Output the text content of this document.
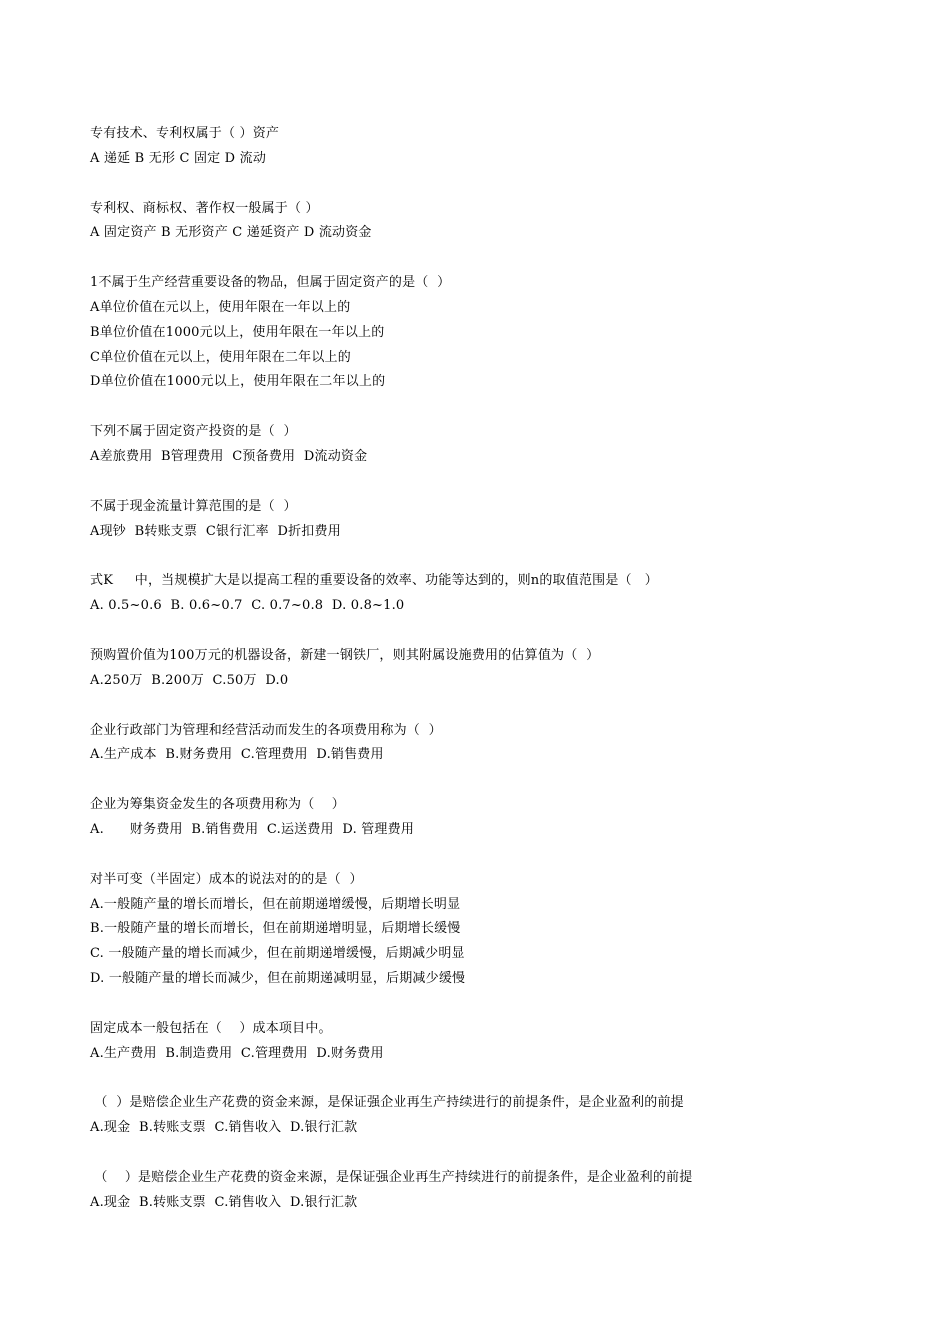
专有技术、专利权属于（ ）资产
A 递延 B 无形 C 固定 D 流动
专利权、商标权、著作权一般属于（ ）
A 固定资产 B 无形资产 C 递延资产 D 流动资金
1不属于生产经营重要设备的物品，但属于固定资产的是（  ）
A单位价值在元以上，使用年限在一年以上的
B单位价值在1000元以上，使用年限在一年以上的
C单位价值在元以上，使用年限在二年以上的
D单位价值在1000元以上，使用年限在二年以上的
下列不属于固定资产投资的是（  ）
A差旅费用  B管理费用  C预备费用  D流动资金
不属于现金流量计算范围的是（  ）
A现钞  B转账支票  C银行汇率  D折扣费用
式K     中，当规模扩大是以提高工程的重要设备的效率、功能等达到的，则n的取值范围是（   ）
A. 0.5~0.6  B. 0.6~0.7  C. 0.7~0.8  D. 0.8~1.0
预购置价值为100万元的机器设备，新建一钢铁厂，则其附属设施费用的估算值为（  ）
A.250万  B.200万  C.50万  D.0
企业行政部门为管理和经营活动而发生的各项费用称为（  ）
A.生产成本  B.财务费用  C.管理费用  D.销售费用
企业为筹集资金发生的各项费用称为（    ）
A.      财务费用  B.销售费用  C.运送费用  D. 管理费用
对半可变（半固定）成本的说法对的的是（  ）
A.一般随产量的增长而增长，但在前期递增缓慢，后期增长明显
B.一般随产量的增长而增长，但在前期递增明显，后期增长缓慢
C. 一般随产量的增长而减少，但在前期递增缓慢，后期减少明显
D. 一般随产量的增长而减少，但在前期递减明显，后期减少缓慢
固定成本一般包括在（    ）成本项目中。
A.生产费用  B.制造费用  C.管理费用  D.财务费用
（  ）是赔偿企业生产花费的资金来源，是保证强企业再生产持续进行的前提条件，是企业盈利的前提
A.现金  B.转账支票  C.销售收入  D.银行汇款
（    ）是赔偿企业生产花费的资金来源，是保证强企业再生产持续进行的前提条件，是企业盈利的前提
A.现金  B.转账支票  C.销售收入  D.银行汇款
